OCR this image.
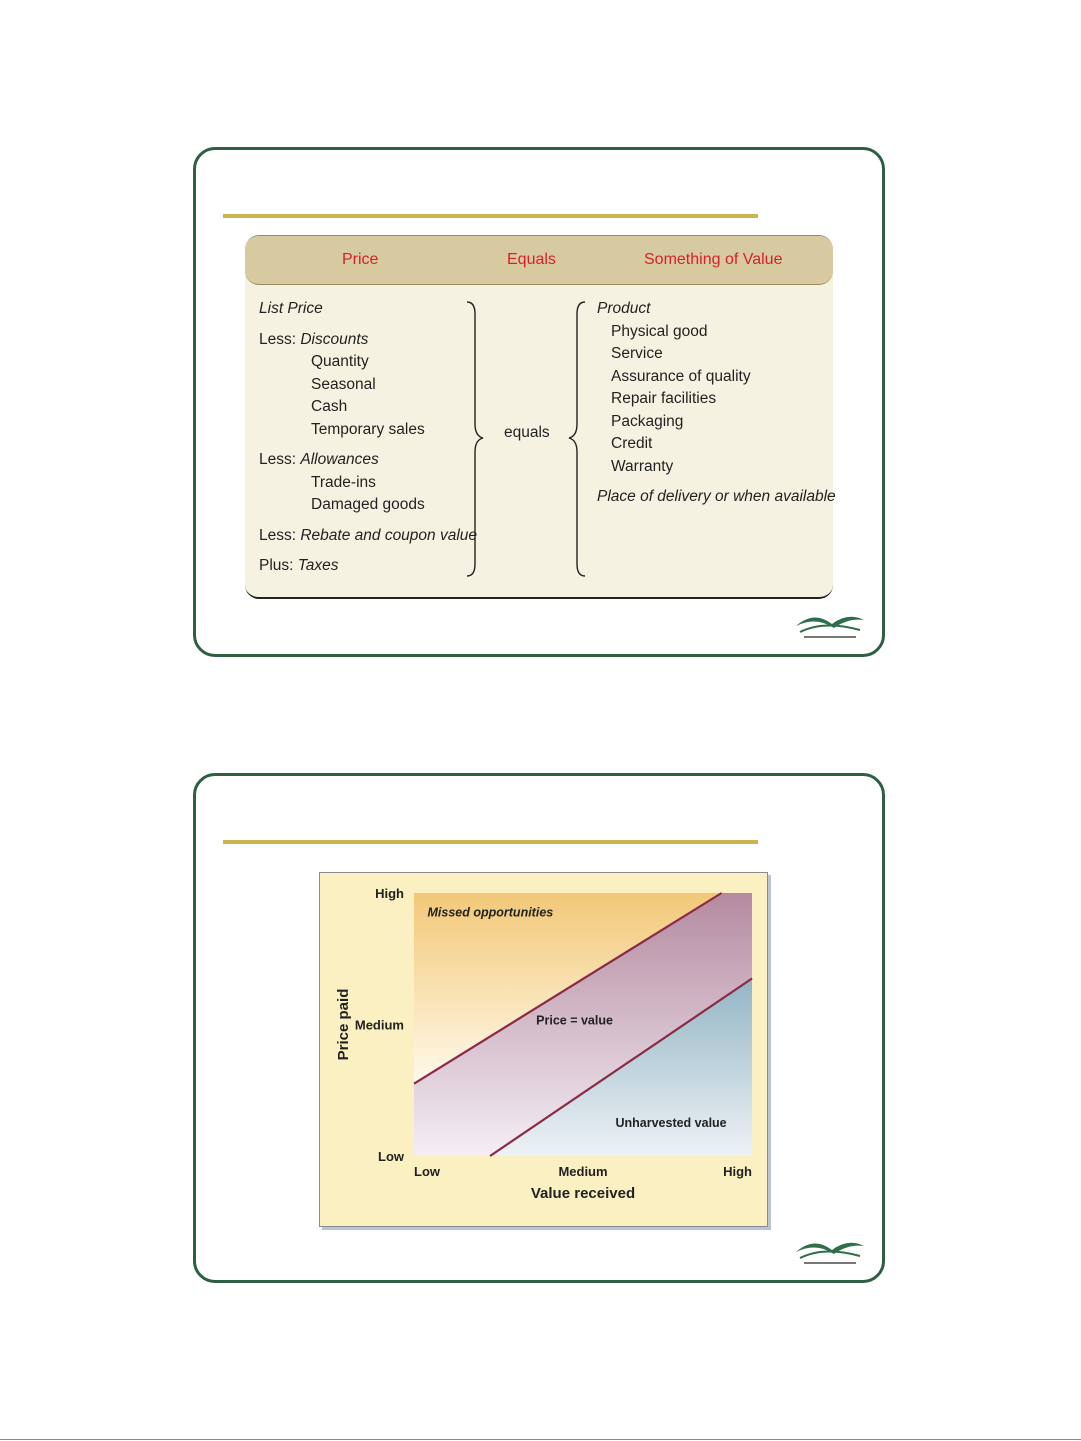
Price	Equals	Something of Value
List Price
Less: Discounts
Quantity
Seasonal
Cash
Temporary sales
Less: Allowances
Trade-ins
Damaged goods
Less: Rebate and coupon value
Plus: Taxes
equals
Product
Physical good
Service
Assurance of quality
Repair facilities
Packaging
Credit
Warranty
Place of delivery or when available
High
Medium
Low
Low	Medium	High
Value received
Price paid
Missed opportunities
Price = value
Unharvested value
